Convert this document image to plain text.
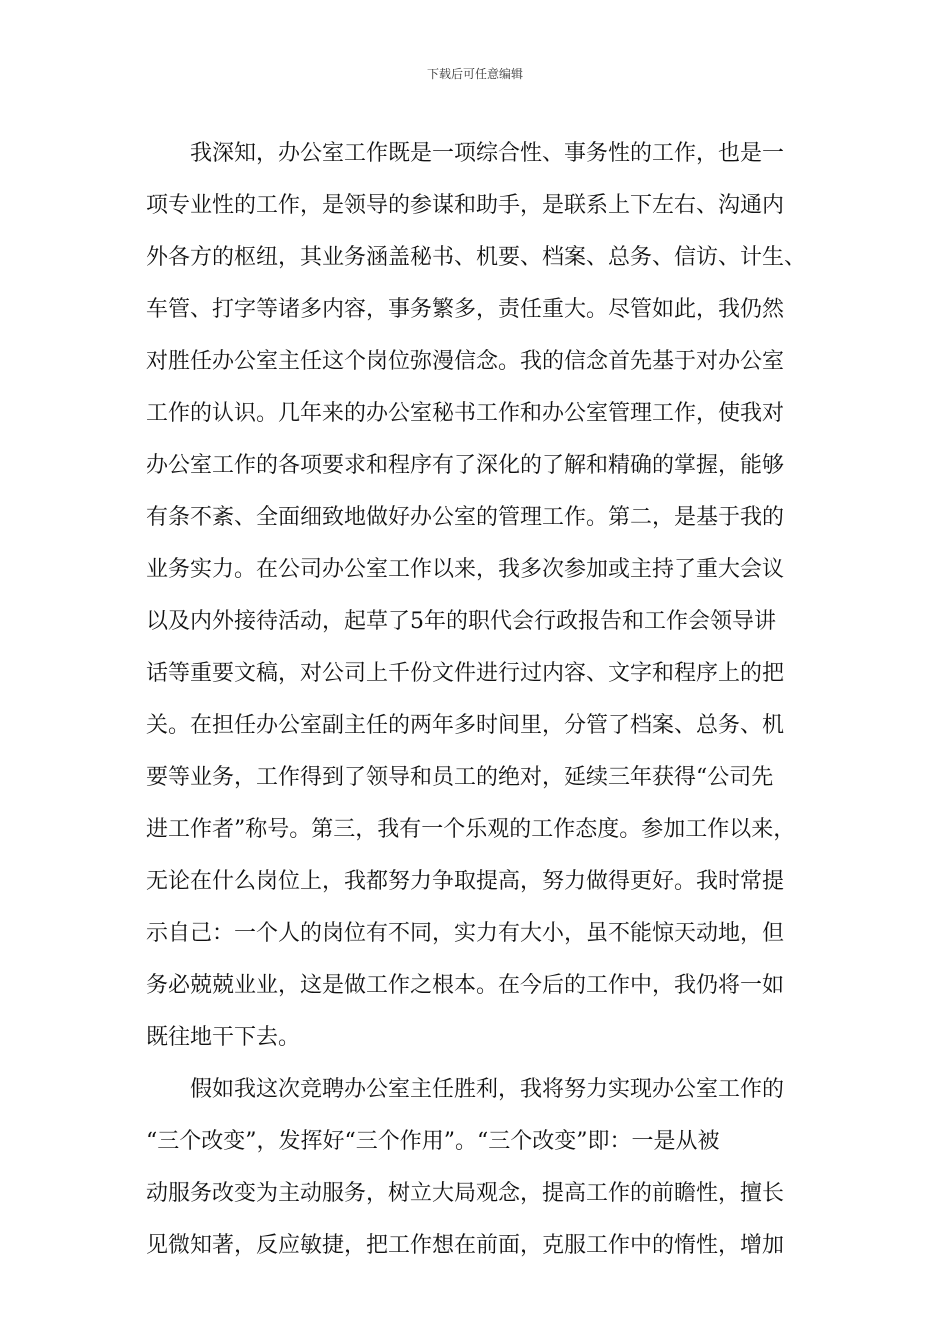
下载后可任意编辑
我深知，办公室工作既是一项综合性、事务性的工作，也是一
项专业性的工作，是领导的参谋和助手，是联系上下左右、沟通内
外各方的枢纽，其业务涵盖秘书、机要、档案、总务、信访、计生、
车管、打字等诸多内容，事务繁多，责任重大。尽管如此，我仍然
对胜任办公室主任这个岗位弥漫信念。我的信念首先基于对办公室
工作的认识。几年来的办公室秘书工作和办公室管理工作，使我对
办公室工作的各项要求和程序有了深化的了解和精确的掌握，能够
有条不紊、全面细致地做好办公室的管理工作。第二，是基于我的
业务实力。在公司办公室工作以来，我多次参加或主持了重大会议
以及内外接待活动，起草了5年的职代会行政报告和工作会领导讲
话等重要文稿，对公司上千份文件进行过内容、文字和程序上的把
关。在担任办公室副主任的两年多时间里，分管了档案、总务、机
要等业务，工作得到了领导和员工的绝对，延续三年获得“公司先
进工作者”称号。第三，我有一个乐观的工作态度。参加工作以来，
无论在什么岗位上，我都努力争取提高，努力做得更好。我时常提
示自己：一个人的岗位有不同，实力有大小，虽不能惊天动地，但
务必兢兢业业，这是做工作之根本。在今后的工作中，我仍将一如
既往地干下去。
假如我这次竞聘办公室主任胜利，我将努力实现办公室工作的
“三个改变”，发挥好“三个作用”。“三个改变”即：一是从被
动服务改变为主动服务，树立大局观念，提高工作的前瞻性，擅长
见微知著，反应敏捷，把工作想在前面，克服工作中的惰性，增加
